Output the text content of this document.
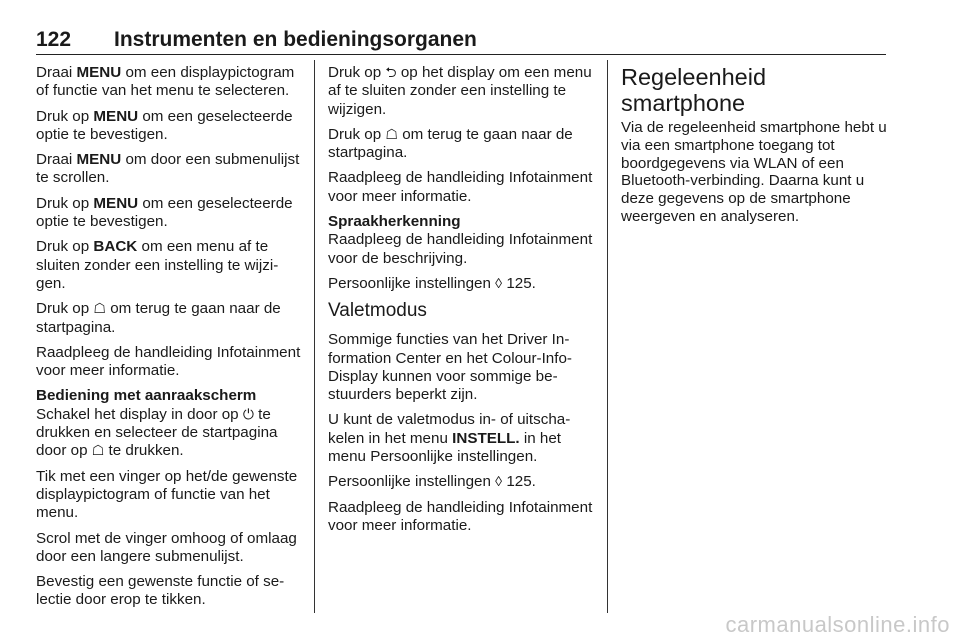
122 Instrumenten en bedieningsorganen

Draai MENU om een displaypictogram of functie van het menu te selecteren.

Druk op MENU om een geselecteerde optie te bevestigen.

Draai MENU om door een submenulijst te scrollen.

Druk op MENU om een geselecteerde optie te bevestigen.

Druk op BACK om een menu af te sluiten zonder een instelling te wijzigen.

Druk op ☖ om terug te gaan naar de startpagina.

Raadpleeg de handleiding Infotainment voor meer informatie.

Bediening met aanraakscherm

Schakel het display in door op ⏻ te drukken en selecteer de startpagina door op ☖ te drukken.

Tik met een vinger op het/de gewenste displaypictogram of functie van het menu.

Scrol met de vinger omhoog of omlaag door een langere submenulijst.

Bevestig een gewenste functie of selectie door erop te tikken.

Druk op ⮌ op het display om een menu af te sluiten zonder een instelling te wijzigen.

Druk op ☖ om terug te gaan naar de startpagina.

Raadpleeg de handleiding Infotainment voor meer informatie.

Spraakherkenning

Raadpleeg de handleiding Infotainment voor de beschrijving.

Persoonlijke instellingen ◊ 125.

Valetmodus

Sommige functies van het Driver Information Center en het Colour-Info-Display kunnen voor sommige bestuurders beperkt zijn.

U kunt de valetmodus in- of uitschakelen in het menu INSTELL. in het menu Persoonlijke instellingen.

Persoonlijke instellingen ◊ 125.

Raadpleeg de handleiding Infotainment voor meer informatie.

Regeleenheid smartphone

Via de regeleenheid smartphone hebt u via een smartphone toegang tot boordgegevens via WLAN of een Bluetooth-verbinding. Daarna kunt u deze gegevens op de smartphone weergeven en analyseren.

carmanualsonline.info
